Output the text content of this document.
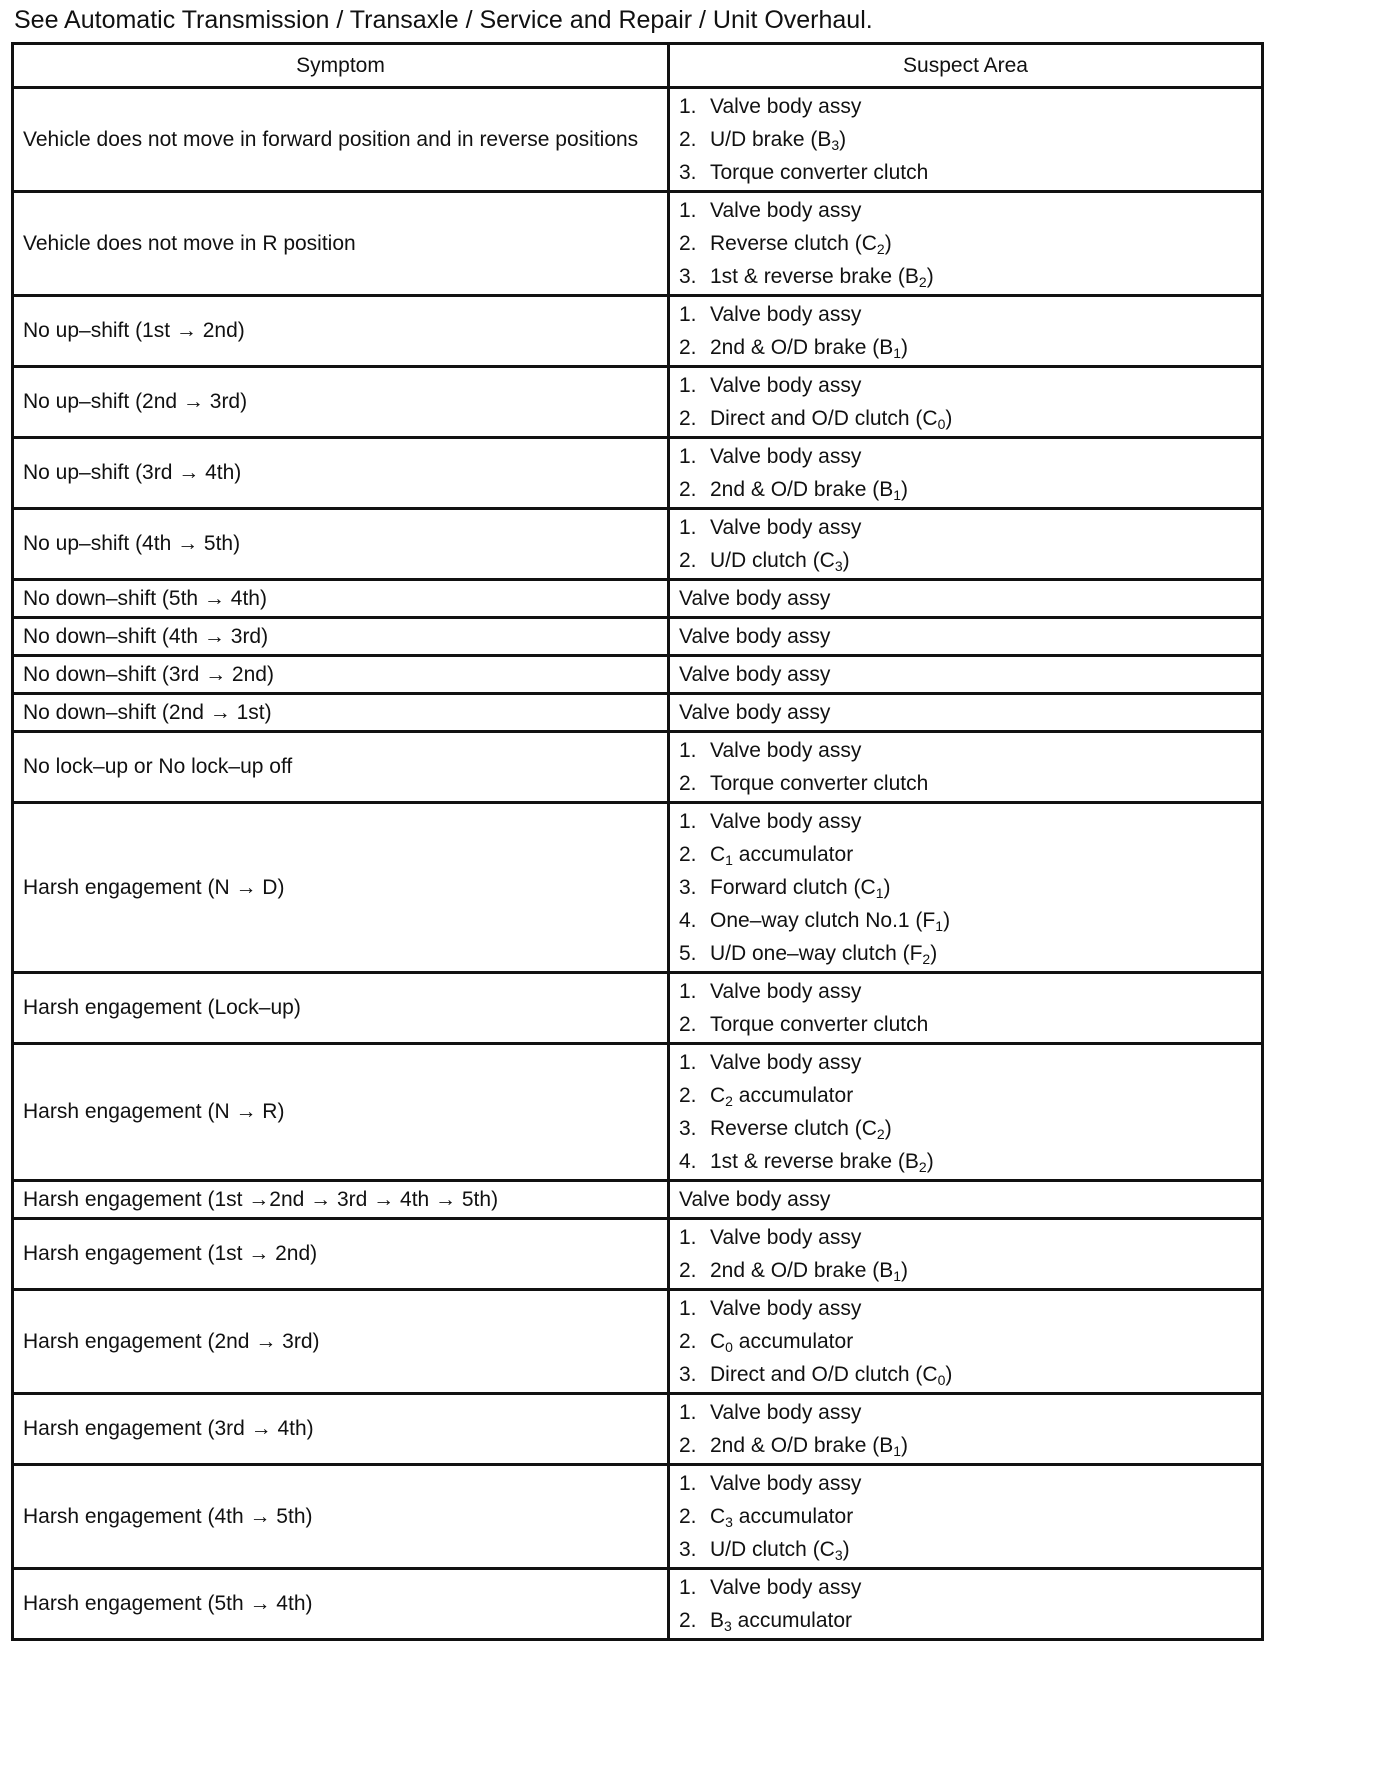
See Automatic Transmission / Transaxle / Service and Repair / Unit Overhaul.
Symptom	Suspect Area
Vehicle does not move in forward position and in reverse positions	1. Valve body assy
2. U/D brake $(B_3)$
3. Torque converter clutch

Vehicle does not move in R position	1. Valve body assy
2. Reverse clutch $(C_2)$
3. 1st & reverse brake $(B_2)$

No up–shift (1st → 2nd)	1. Valve body assy
2. 2nd & O/D brake $(B_1)$

No up–shift (2nd → 3rd)	1. Valve body assy
2. Direct and O/D clutch $(C_0)$

No up–shift (3rd → 4th)	1. Valve body assy
2. 2nd & O/D brake $(B_1)$

No up–shift (4th → 5th)	1. Valve body assy
2. U/D clutch $(C_3)$

No down–shift (5th → 4th)	Valve body assy

No down–shift (4th → 3rd)	Valve body assy

No down–shift (3rd → 2nd)	Valve body assy

No down–shift (2nd → 1st)	Valve body assy

No lock–up or No lock–up off	1. Valve body assy
2. Torque converter clutch

Harsh engagement (N → D)	1. Valve body assy
2. $C_1$ accumulator
3. Forward clutch $(C_1)$
4. One–way clutch No.1 $(F_1)$
5. U/D one–way clutch $(F_2)$

Harsh engagement (Lock–up)	1. Valve body assy
2. Torque converter clutch

Harsh engagement (N → R)	1. Valve body assy
2. $C_2$ accumulator
3. Reverse clutch $(C_2)$
4. 1st & reverse brake $(B_2)$

Harsh engagement (1st →2nd → 3rd → 4th → 5th)	Valve body assy

Harsh engagement (1st → 2nd)	1. Valve body assy
2. 2nd & O/D brake $(B_1)$

Harsh engagement (2nd → 3rd)	1. Valve body assy
2. $C_0$ accumulator
3. Direct and O/D clutch $(C_0)$

Harsh engagement (3rd → 4th)	1. Valve body assy
2. 2nd & O/D brake $(B_1)$

Harsh engagement (4th → 5th)	1. Valve body assy
2. $C_3$ accumulator
3. U/D clutch $(C_3)$

Harsh engagement (5th → 4th)	1. Valve body assy
2. $B_3$ accumulator
